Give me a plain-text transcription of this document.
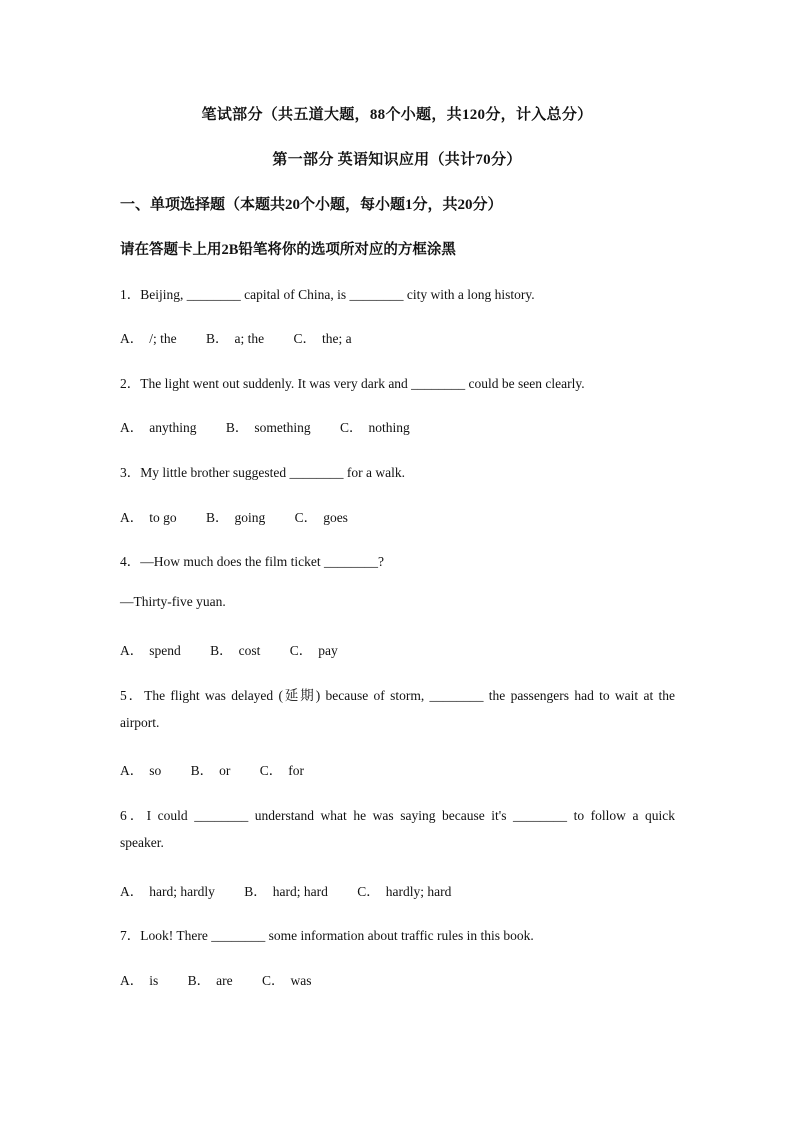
笔试部分（共五道大题，88个小题，共120分，计入总分）
第一部分 英语知识应用（共计70分）
一、单项选择题（本题共20个小题，每小题1分，共20分）
请在答题卡上用2B铅笔将你的选项所对应的方框涂黑
1．Beijing, ________ capital of China, is ________ city with a long history.
A． /; the B． a; the C． the; a
2．The light went out suddenly. It was very dark and ________ could be seen clearly.
A． anything B． something C． nothing
3．My little brother suggested ________ for a walk.
A． to go B． going C． goes
4．—How much does the film ticket ________?
—Thirty-five yuan.
A． spend B． cost C． pay
5．The flight was delayed (延期) because of storm, ________ the passengers had to wait at the
airport.
A． so B． or C． for
6．I could ________ understand what he was saying because it's ________ to follow a quick
speaker.
A． hard; hardly B． hard; hard C． hardly; hard
7．Look! There ________ some information about traffic rules in this book.
A． is B． are C． was
